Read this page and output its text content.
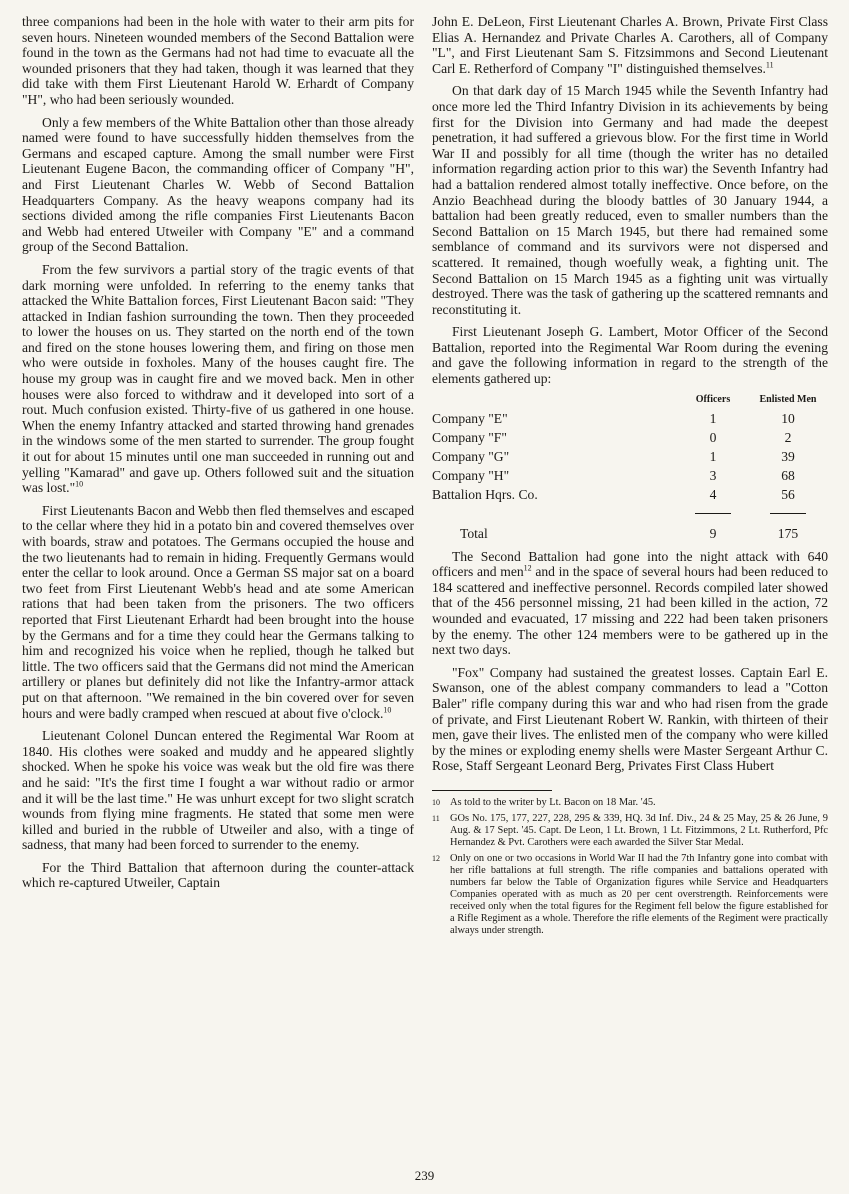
three companions had been in the hole with water to their arm pits for seven hours. Nineteen wounded members of the Second Battalion were found in the town as the Germans had not had time to evacuate all the wounded prisoners that they had taken, though it was learned that they did take with them First Lieutenant Harold W. Erhardt of Company "H", who had been seriously wounded.

Only a few members of the White Battalion other than those already named were found to have successfully hidden themselves from the Germans and escaped capture. Among the small number were First Lieutenant Eugene Bacon, the commanding officer of Company "H", and First Lieutenant Charles W. Webb of Second Battalion Headquarters Company. As the heavy weapons company had its sections divided among the rifle companies First Lieutenants Bacon and Webb had entered Utweiler with Company "E" and a command group of the Second Battalion.

From the few survivors a partial story of the tragic events of that dark morning were unfolded. In referring to the enemy tanks that attacked the White Battalion forces, First Lieutenant Bacon said: "They attacked in Indian fashion surrounding the town. Then they proceeded to lower the houses on us. They started on the north end of the town and fired on the stone houses lowering them, and firing on those men who were outside in foxholes. Many of the houses caught fire. The house my group was in caught fire and we moved back. Men in other houses were also forced to withdraw and it developed into sort of a rout. Much confusion existed. Thirty-five of us gathered in one house. When the enemy Infantry attacked and started throwing hand grenades in the windows some of the men started to surrender. The group fought it out for about 15 minutes until one man succeeded in running out and yelling "Kamarad" and gave up. Others followed suit and the situation was lost."$^{10}$

First Lieutenants Bacon and Webb then fled themselves and escaped to the cellar where they hid in a potato bin and covered themselves over with boards, straw and potatoes. The Germans occupied the house and the two lieutenants had to remain in hiding. Frequently Germans would enter the cellar to look around. Once a German SS major sat on a board two feet from First Lieutenant Webb's head and ate some American rations that had been taken from the prisoners. The two officers reported that First Lieutenant Erhardt had been brought into the house by the Germans and for a time they could hear the Germans talking to him and recognized his voice when he replied, though he talked but little. The two officers said that the Germans did not mind the American artillery or planes but definitely did not like the Infantry-armor attack put on that afternoon. "We remained in the bin covered over for seven hours and were badly cramped when rescued at about five o'clock.$^{10}$

Lieutenant Colonel Duncan entered the Regimental War Room at 1840. His clothes were soaked and muddy and he appeared slightly shocked. When he spoke his voice was weak but the old fire was there and he said: "It's the first time I fought a war without radio or armor and it will be the last time." He was unhurt except for two slight scratch wounds from flying mine fragments. He stated that some men were killed and buried in the rubble of Utweiler and also, with a tinge of sadness, that many had been forced to surrender to the enemy.

For the Third Battalion that afternoon during the counter-attack which re-captured Utweiler, Captain

John E. DeLeon, First Lieutenant Charles A. Brown, Private First Class Elias A. Hernandez and Private Charles A. Carothers, all of Company "L", and First Lieutenant Sam S. Fitzsimmons and Second Lieutenant Carl E. Retherford of Company "I" distinguished themselves.$^{11}$

On that dark day of 15 March 1945 while the Seventh Infantry had once more led the Third Infantry Division in its achievements by being first for the Division into Germany and had made the deepest penetration, it had suffered a grievous blow. For the first time in World War II and possibly for all time (though the writer has no detailed information regarding action prior to this war) the Seventh Infantry had had a battalion rendered almost totally ineffective. Once before, on the Anzio Beachhead during the bloody battles of 30 January 1944, a battalion had been greatly reduced, even to smaller numbers than the Second Battalion on 15 March 1945, but there had remained some semblance of command and its survivors were not dispersed and scattered. It remained, though woefully weak, a fighting unit. The Second Battalion on 15 March 1945 as a fighting unit was virtually destroyed. There was the task of gathering up the scattered remnants and reconstituting it.

First Lieutenant Joseph G. Lambert, Motor Officer of the Second Battalion, reported into the Regimental War Room during the evening and gave the following information in regard to the strength of the elements gathered up:

	Officers	Enlisted Men
Company "E"	1	10
Company "F"	0	2
Company "G"	1	39
Company "H"	3	68
Battalion Hqrs. Co.	4	56

Total	9	175

The Second Battalion had gone into the night attack with 640 officers and men$^{12}$ and in the space of several hours had been reduced to 184 scattered and ineffective personnel. Records compiled later showed that of the 456 personnel missing, 21 had been killed in the action, 72 wounded and evacuated, 17 missing and 222 had been taken prisoners by the enemy. The other 124 members were to be gathered up in the next two days.

"Fox" Company had sustained the greatest losses. Captain Earl E. Swanson, one of the ablest company commanders to lead a "Cotton Baler" rifle company during this war and who had risen from the grade of private, and First Lieutenant Robert W. Rankin, with thirteen of their men, gave their lives. The enlisted men of the company who were killed by the mines or exploding enemy shells were Master Sergeant Arthur C. Rose, Staff Sergeant Leonard Berg, Privates First Class Hubert

10 As told to the writer by Lt. Bacon on 18 Mar. '45.
11 GOs No. 175, 177, 227, 228, 295 & 339, HQ. 3d Inf. Div., 24 & 25 May, 25 & 26 June, 9 Aug. & 17 Sept. '45. Capt. De Leon, 1 Lt. Brown, 1 Lt. Fitzimmons, 2 Lt. Rutherford, Pfc Hernandez & Pvt. Carothers were each awarded the Silver Star Medal.
12 Only on one or two occasions in World War II had the 7th Infantry gone into combat with her rifle battalions at full strength. The rifle companies and battalions operated with numbers far below the Table of Organization figures while Service and Headquarters Companies operated with as much as 20 per cent overstrength. Reinforcements were received only when the total figures for the Regiment fell below the figure established for a Rifle Regiment as a whole. Therefore the rifle elements of the Regiment were practically always under strength.
239
